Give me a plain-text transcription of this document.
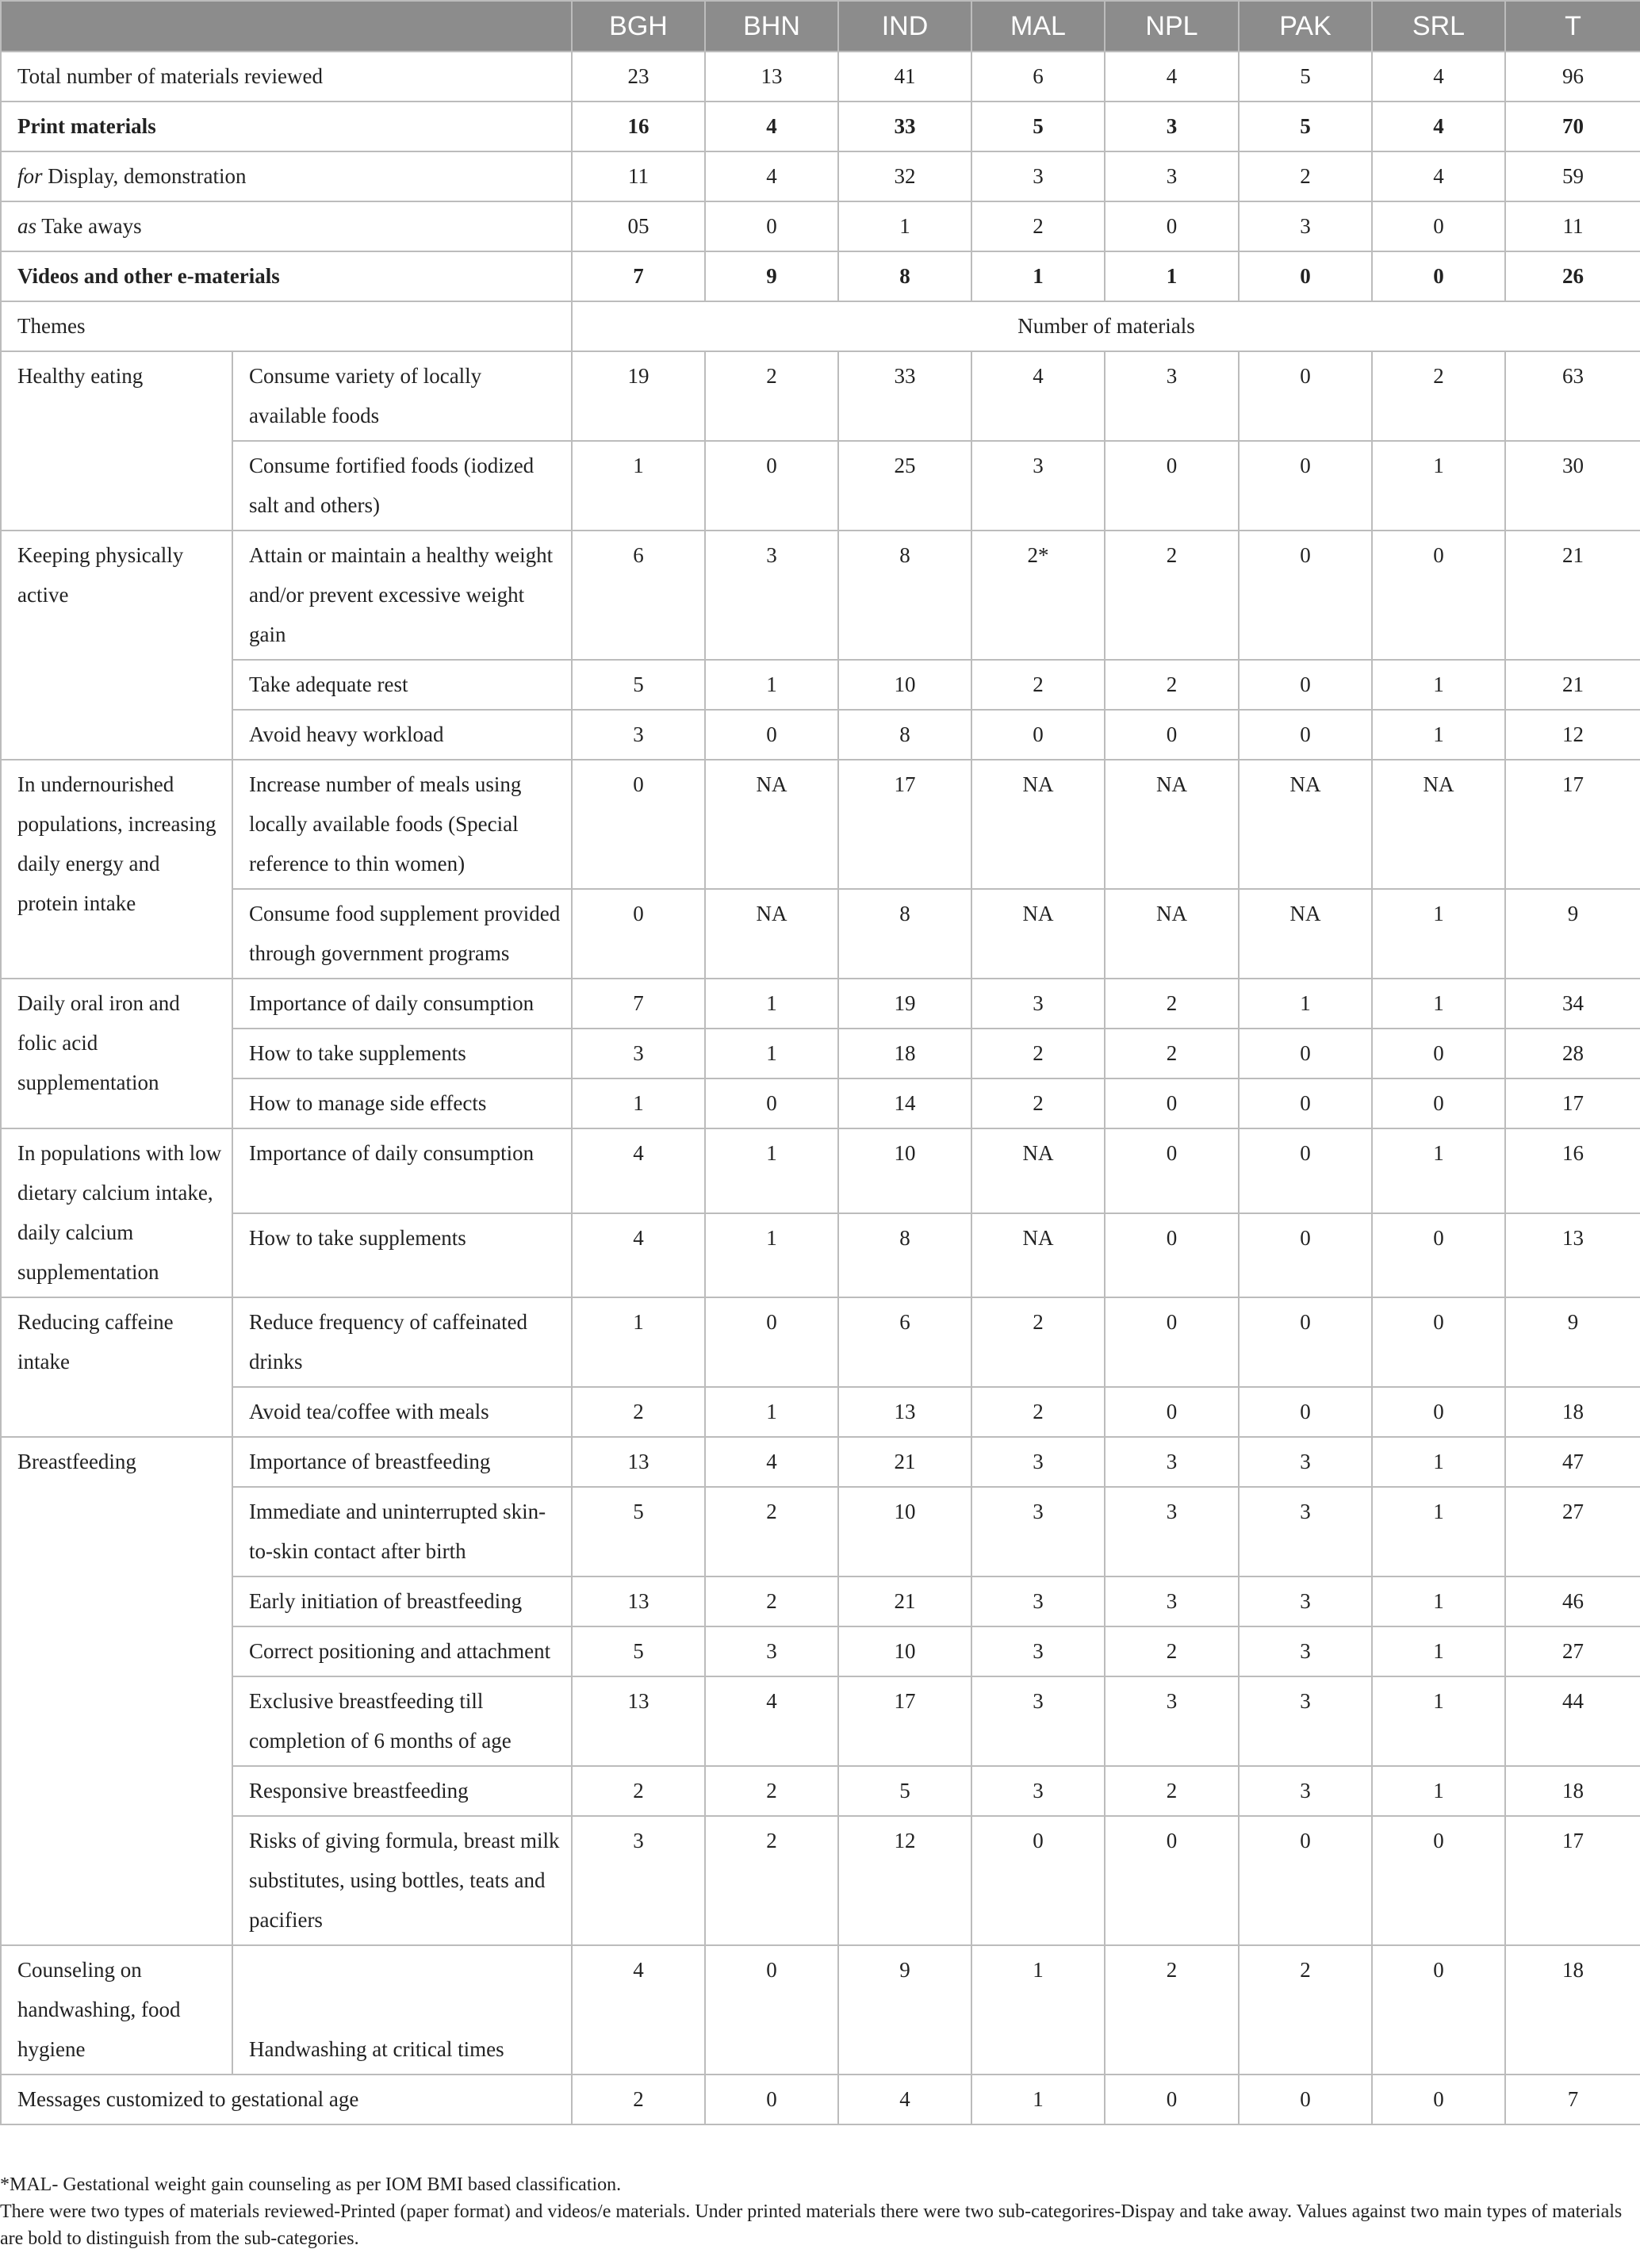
		BGH	BHN	IND	MAL	NPL	PAK	SRL	T
Total number of materials reviewed		23	13	41	6	4	5	4	96
Print materials		16	4	33	5	3	5	4	70
for Display, demonstration		11	4	32	3	3	2	4	59
as Take aways		05	0	1	2	0	3	0	11
Videos and other e-materials		7	9	8	1	1	0	0	26
Themes		Number of materials							
Healthy eating	Consume variety of locally available foods	19	2	33	4	3	0	2	63
	Consume fortified foods (iodized salt and others)	1	0	25	3	0	0	1	30
Keeping physically active	Attain or maintain a healthy weight and/or prevent excessive weight gain	6	3	8	2*	2	0	0	21
	Take adequate rest	5	1	10	2	2	0	1	21
	Avoid heavy workload	3	0	8	0	0	0	1	12
In undernourished populations, increasing daily energy and protein intake	Increase number of meals using locally available foods (Special reference to thin women)	0	NA	17	NA	NA	NA	NA	17
	Consume food supplement provided through government programs	0	NA	8	NA	NA	NA	1	9
Daily oral iron and folic acid supplementation	Importance of daily consumption	7	1	19	3	2	1	1	34
	How to take supplements	3	1	18	2	2	0	0	28
	How to manage side effects	1	0	14	2	0	0	0	17
In populations with low dietary calcium intake, daily calcium supplementation	Importance of daily consumption	4	1	10	NA	0	0	1	16
	How to take supplements	4	1	8	NA	0	0	0	13
Reducing caffeine intake	Reduce frequency of caffeinated drinks	1	0	6	2	0	0	0	9
	Avoid tea/coffee with meals	2	1	13	2	0	0	0	18
Breastfeeding	Importance of breastfeeding	13	4	21	3	3	3	1	47
	Immediate and uninterrupted skin-to-skin contact after birth	5	2	10	3	3	3	1	27
	Early initiation of breastfeeding	13	2	21	3	3	3	1	46
	Correct positioning and attachment	5	3	10	3	2	3	1	27
	Exclusive breastfeeding till completion of 6 months of age	13	4	17	3	3	3	1	44
	Responsive breastfeeding	2	2	5	3	2	3	1	18
	Risks of giving formula, breast milk substitutes, using bottles, teats and pacifiers	3	2	12	0	0	0	0	17
Counseling on handwashing, food hygiene	Handwashing at critical times	4	0	9	1	2	2	0	18
Messages customized to gestational age		2	0	4	1	0	0	0	7

*MAL- Gestational weight gain counseling as per IOM BMI based classification.

There were two types of materials reviewed-Printed (paper format) and videos/e materials. Under printed materials there were two sub-categorires-Dispay and take away. Values against two main types of materials are bold to distinguish from the sub-categories.
